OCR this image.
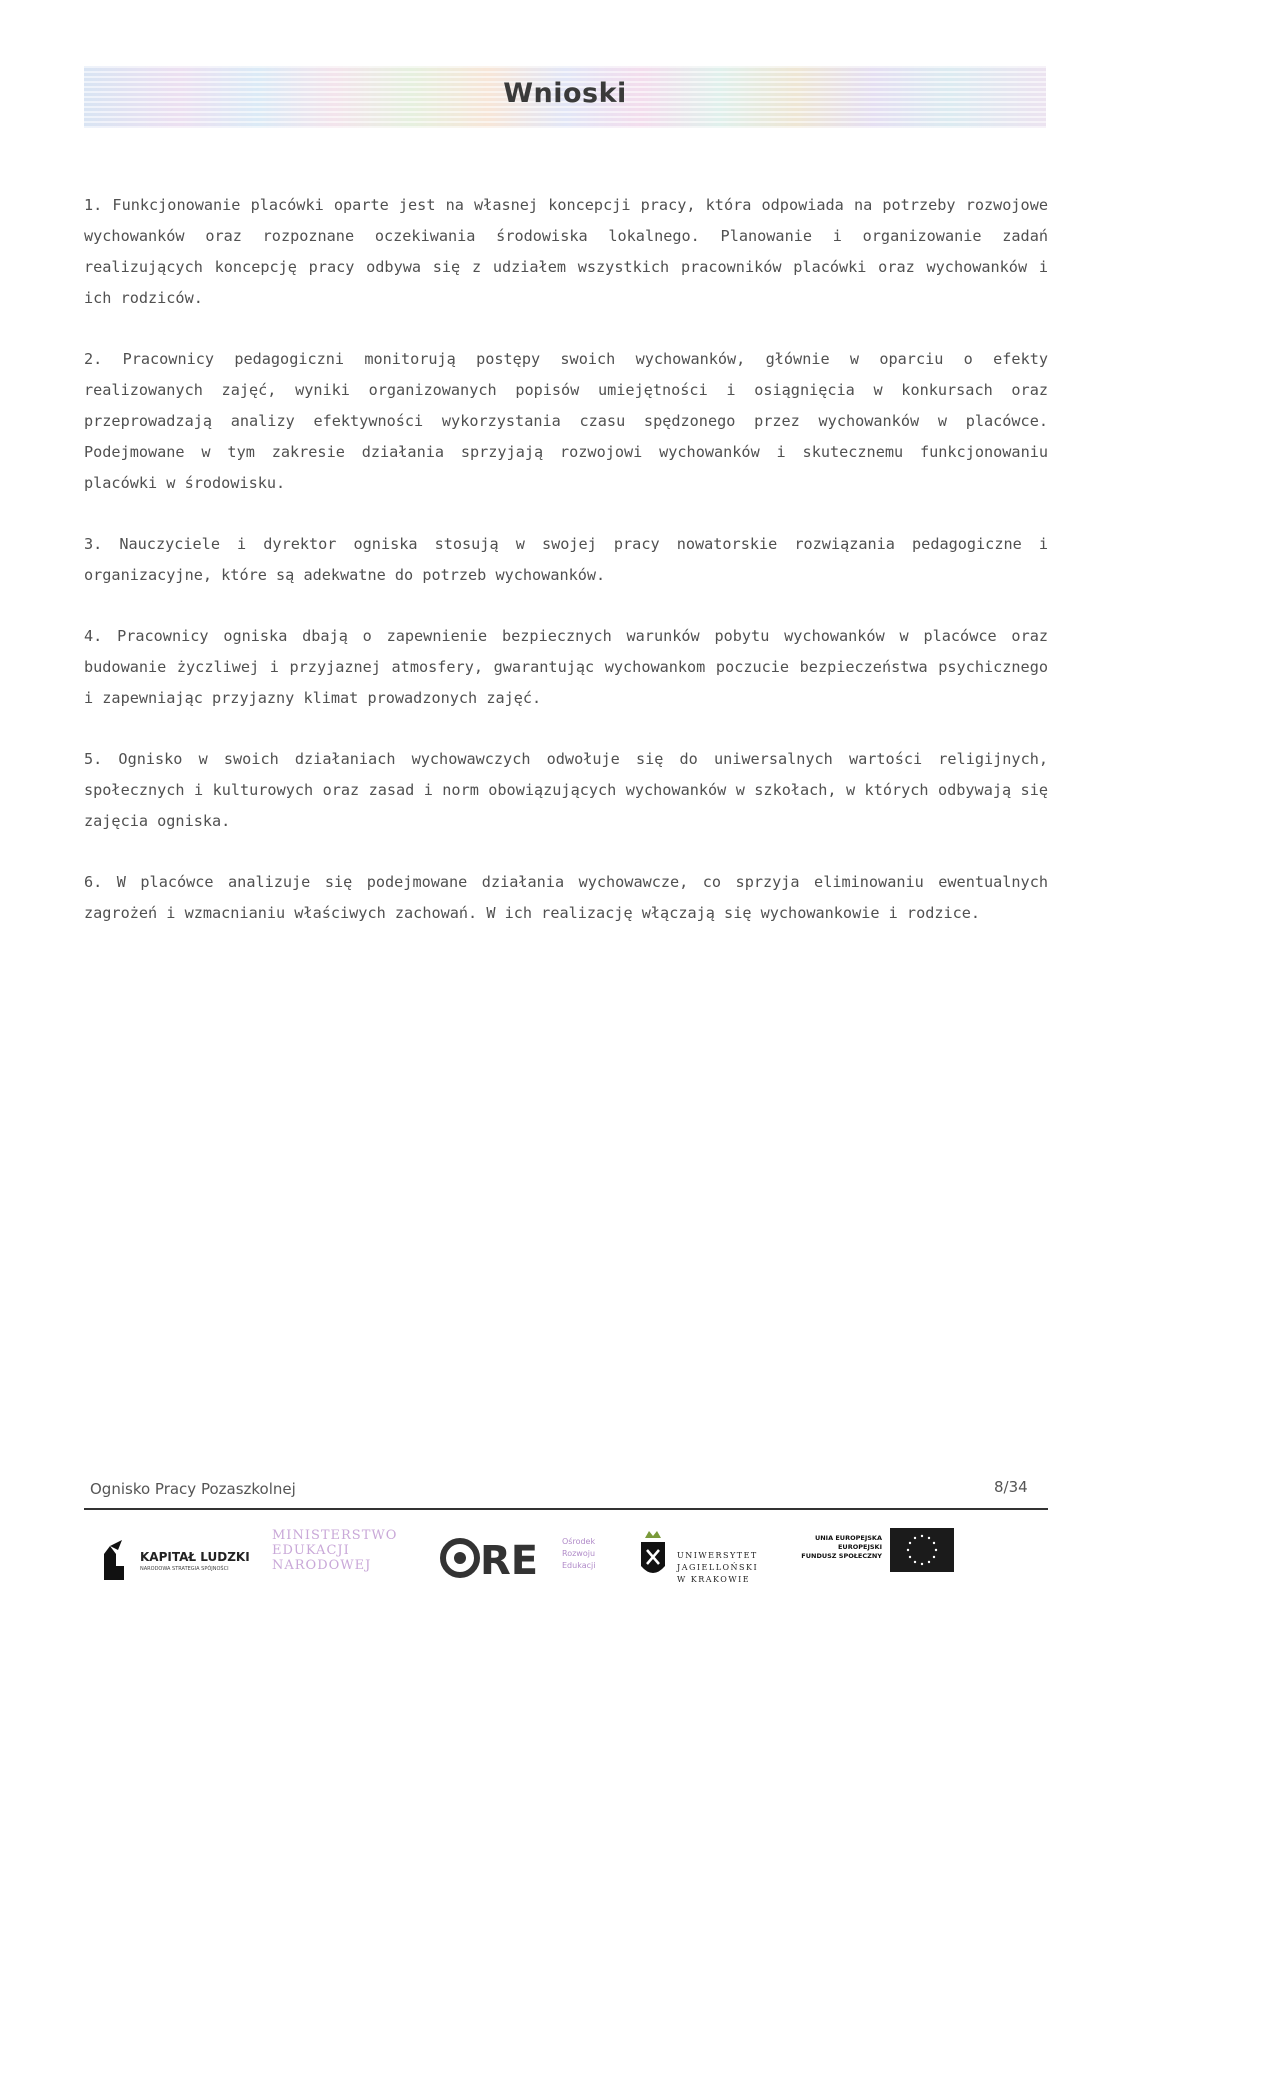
Wnioski

1. Funkcjonowanie placówki oparte jest na własnej koncepcji pracy, która odpowiada na potrzeby rozwojowe wychowanków oraz rozpoznane oczekiwania środowiska lokalnego. Planowanie i organizowanie zadań realizujących koncepcję pracy odbywa się z udziałem wszystkich pracowników placówki oraz wychowanków i ich rodziców.

2. Pracownicy pedagogiczni monitorują postępy swoich wychowanków, głównie w oparciu o efekty realizowanych zajęć, wyniki organizowanych popisów umiejętności i osiągnięcia w konkursach oraz przeprowadzają analizy efektywności wykorzystania czasu spędzonego przez wychowanków w placówce. Podejmowane w tym zakresie działania sprzyjają rozwojowi wychowanków i skutecznemu funkcjonowaniu placówki w środowisku.

3. Nauczyciele i dyrektor ogniska stosują w swojej pracy nowatorskie rozwiązania pedagogiczne i organizacyjne, które są adekwatne do potrzeb wychowanków.

4. Pracownicy ogniska dbają o zapewnienie bezpiecznych warunków pobytu wychowanków w placówce oraz budowanie życzliwej i przyjaznej atmosfery, gwarantując wychowankom poczucie bezpieczeństwa psychicznego i zapewniając przyjazny klimat prowadzonych zajęć.

5. Ognisko w swoich działaniach wychowawczych odwołuje się do uniwersalnych wartości religijnych, społecznych i kulturowych oraz zasad i norm obowiązujących wychowanków w szkołach, w których odbywają się zajęcia ogniska.

6. W placówce analizuje się podejmowane działania wychowawcze, co sprzyja eliminowaniu ewentualnych zagrożeń i wzmacnianiu właściwych zachowań. W ich realizację włączają się wychowankowie i rodzice.

Ognisko Pracy Pozaszkolnej	8/34
KAPITAŁ LUDZKI
NARODOWA STRATEGIA SPÓJNOŚCI
MINISTERSTWO
EDUKACJI
NARODOWEJ	RE	Ośrodek
Rozwoju
Edukacji
UNIWERSYTET
JAGIELLOŃSKI
W KRAKOWIE
UNIA EUROPEJSKA
EUROPEJSKI
FUNDUSZ SPOŁECZNY
